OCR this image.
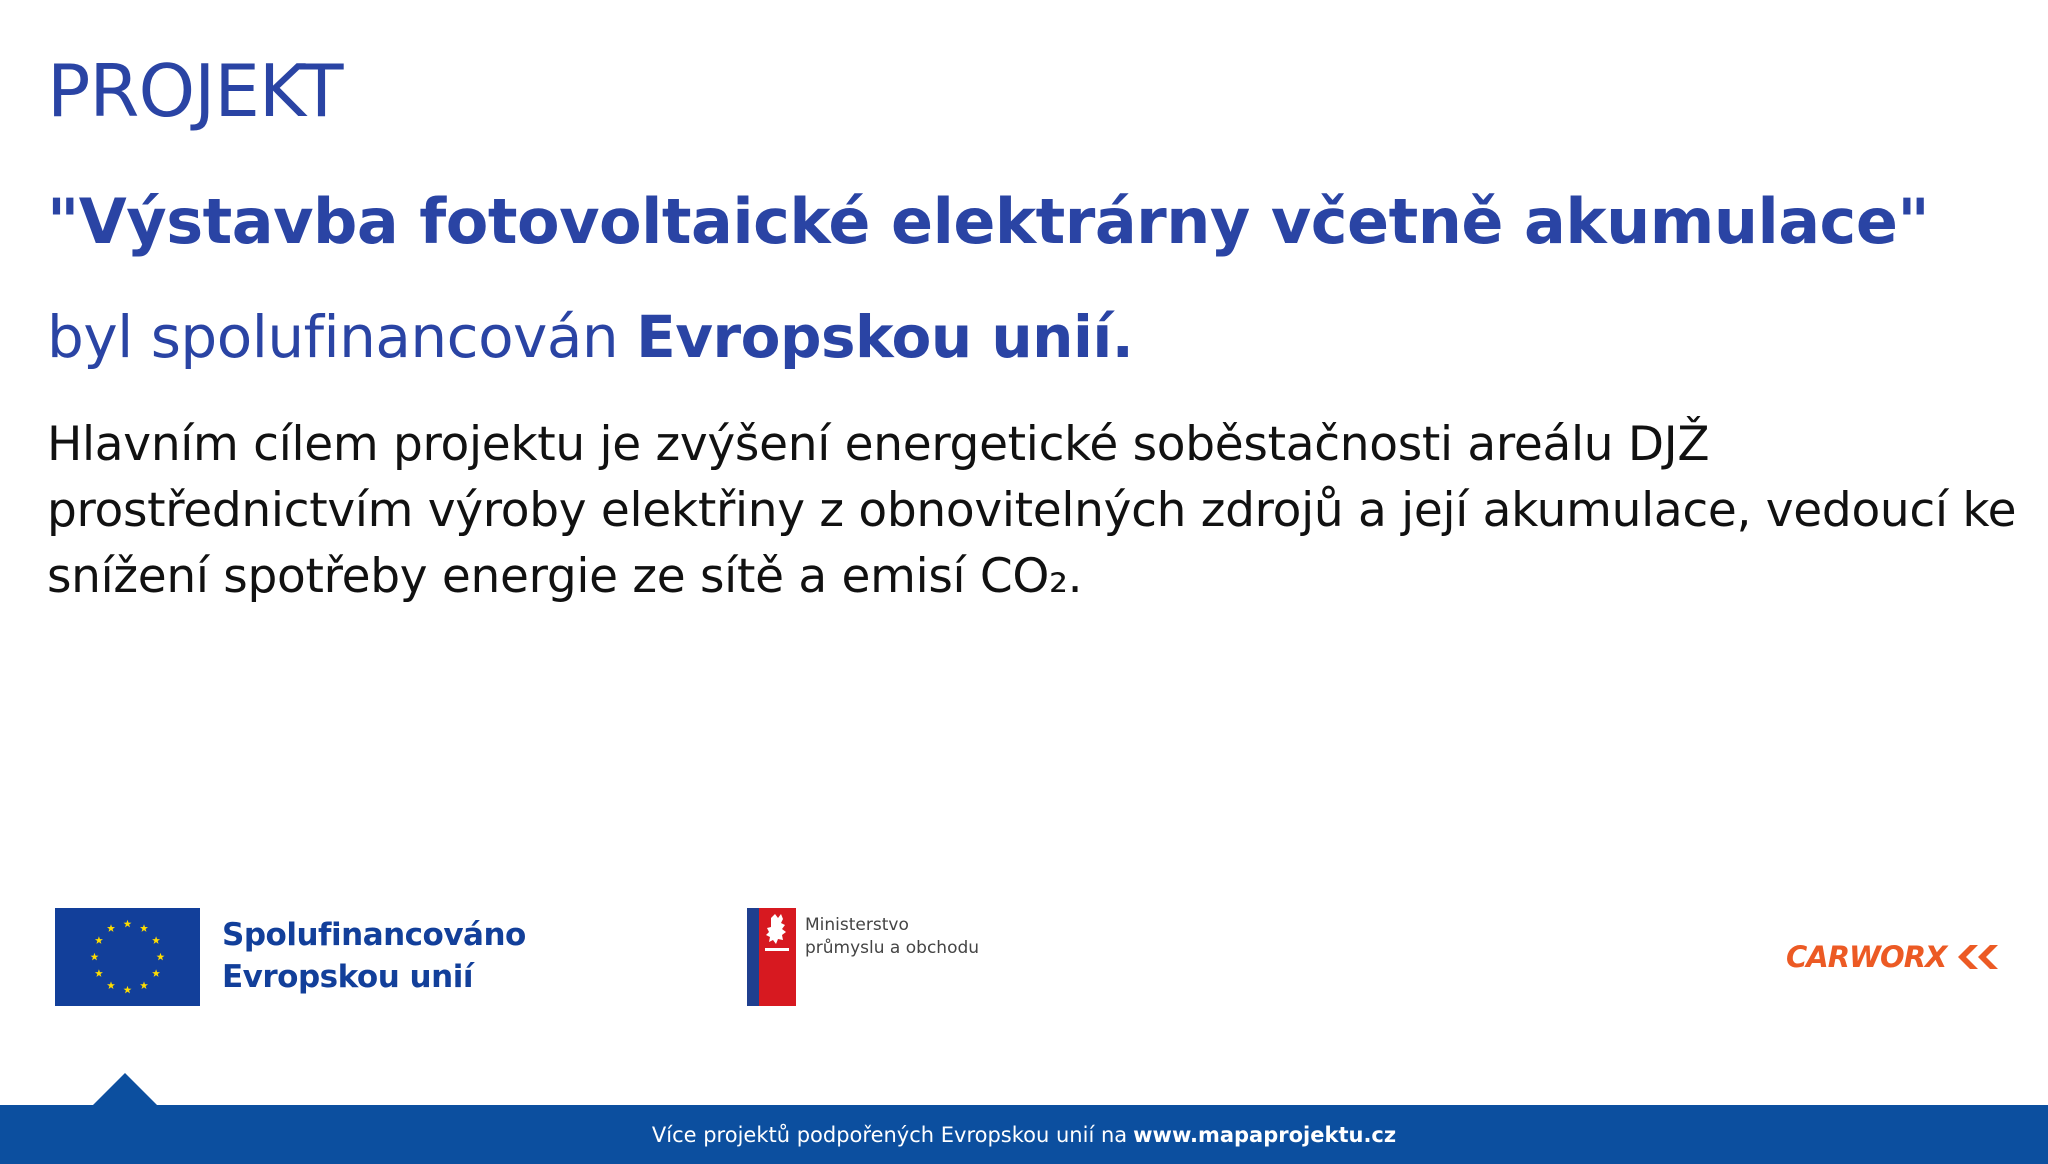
PROJEKT
"Výstavba fotovoltaické elektrárny včetně akumulace"
byl spolufinancován Evropskou unií.
Hlavním cílem projektu je zvýšení energetické soběstačnosti areálu DJŽ
prostřednictvím výroby elektřiny z obnovitelných zdrojů a její akumulace, vedoucí ke
snížení spotřeby energie ze sítě a emisí CO₂.
Spolufinancováno
Evropskou unií
Ministerstvo
průmyslu a obchodu	CARWORX
Více projektů podpořených Evropskou unií na www.mapaprojektu.cz
